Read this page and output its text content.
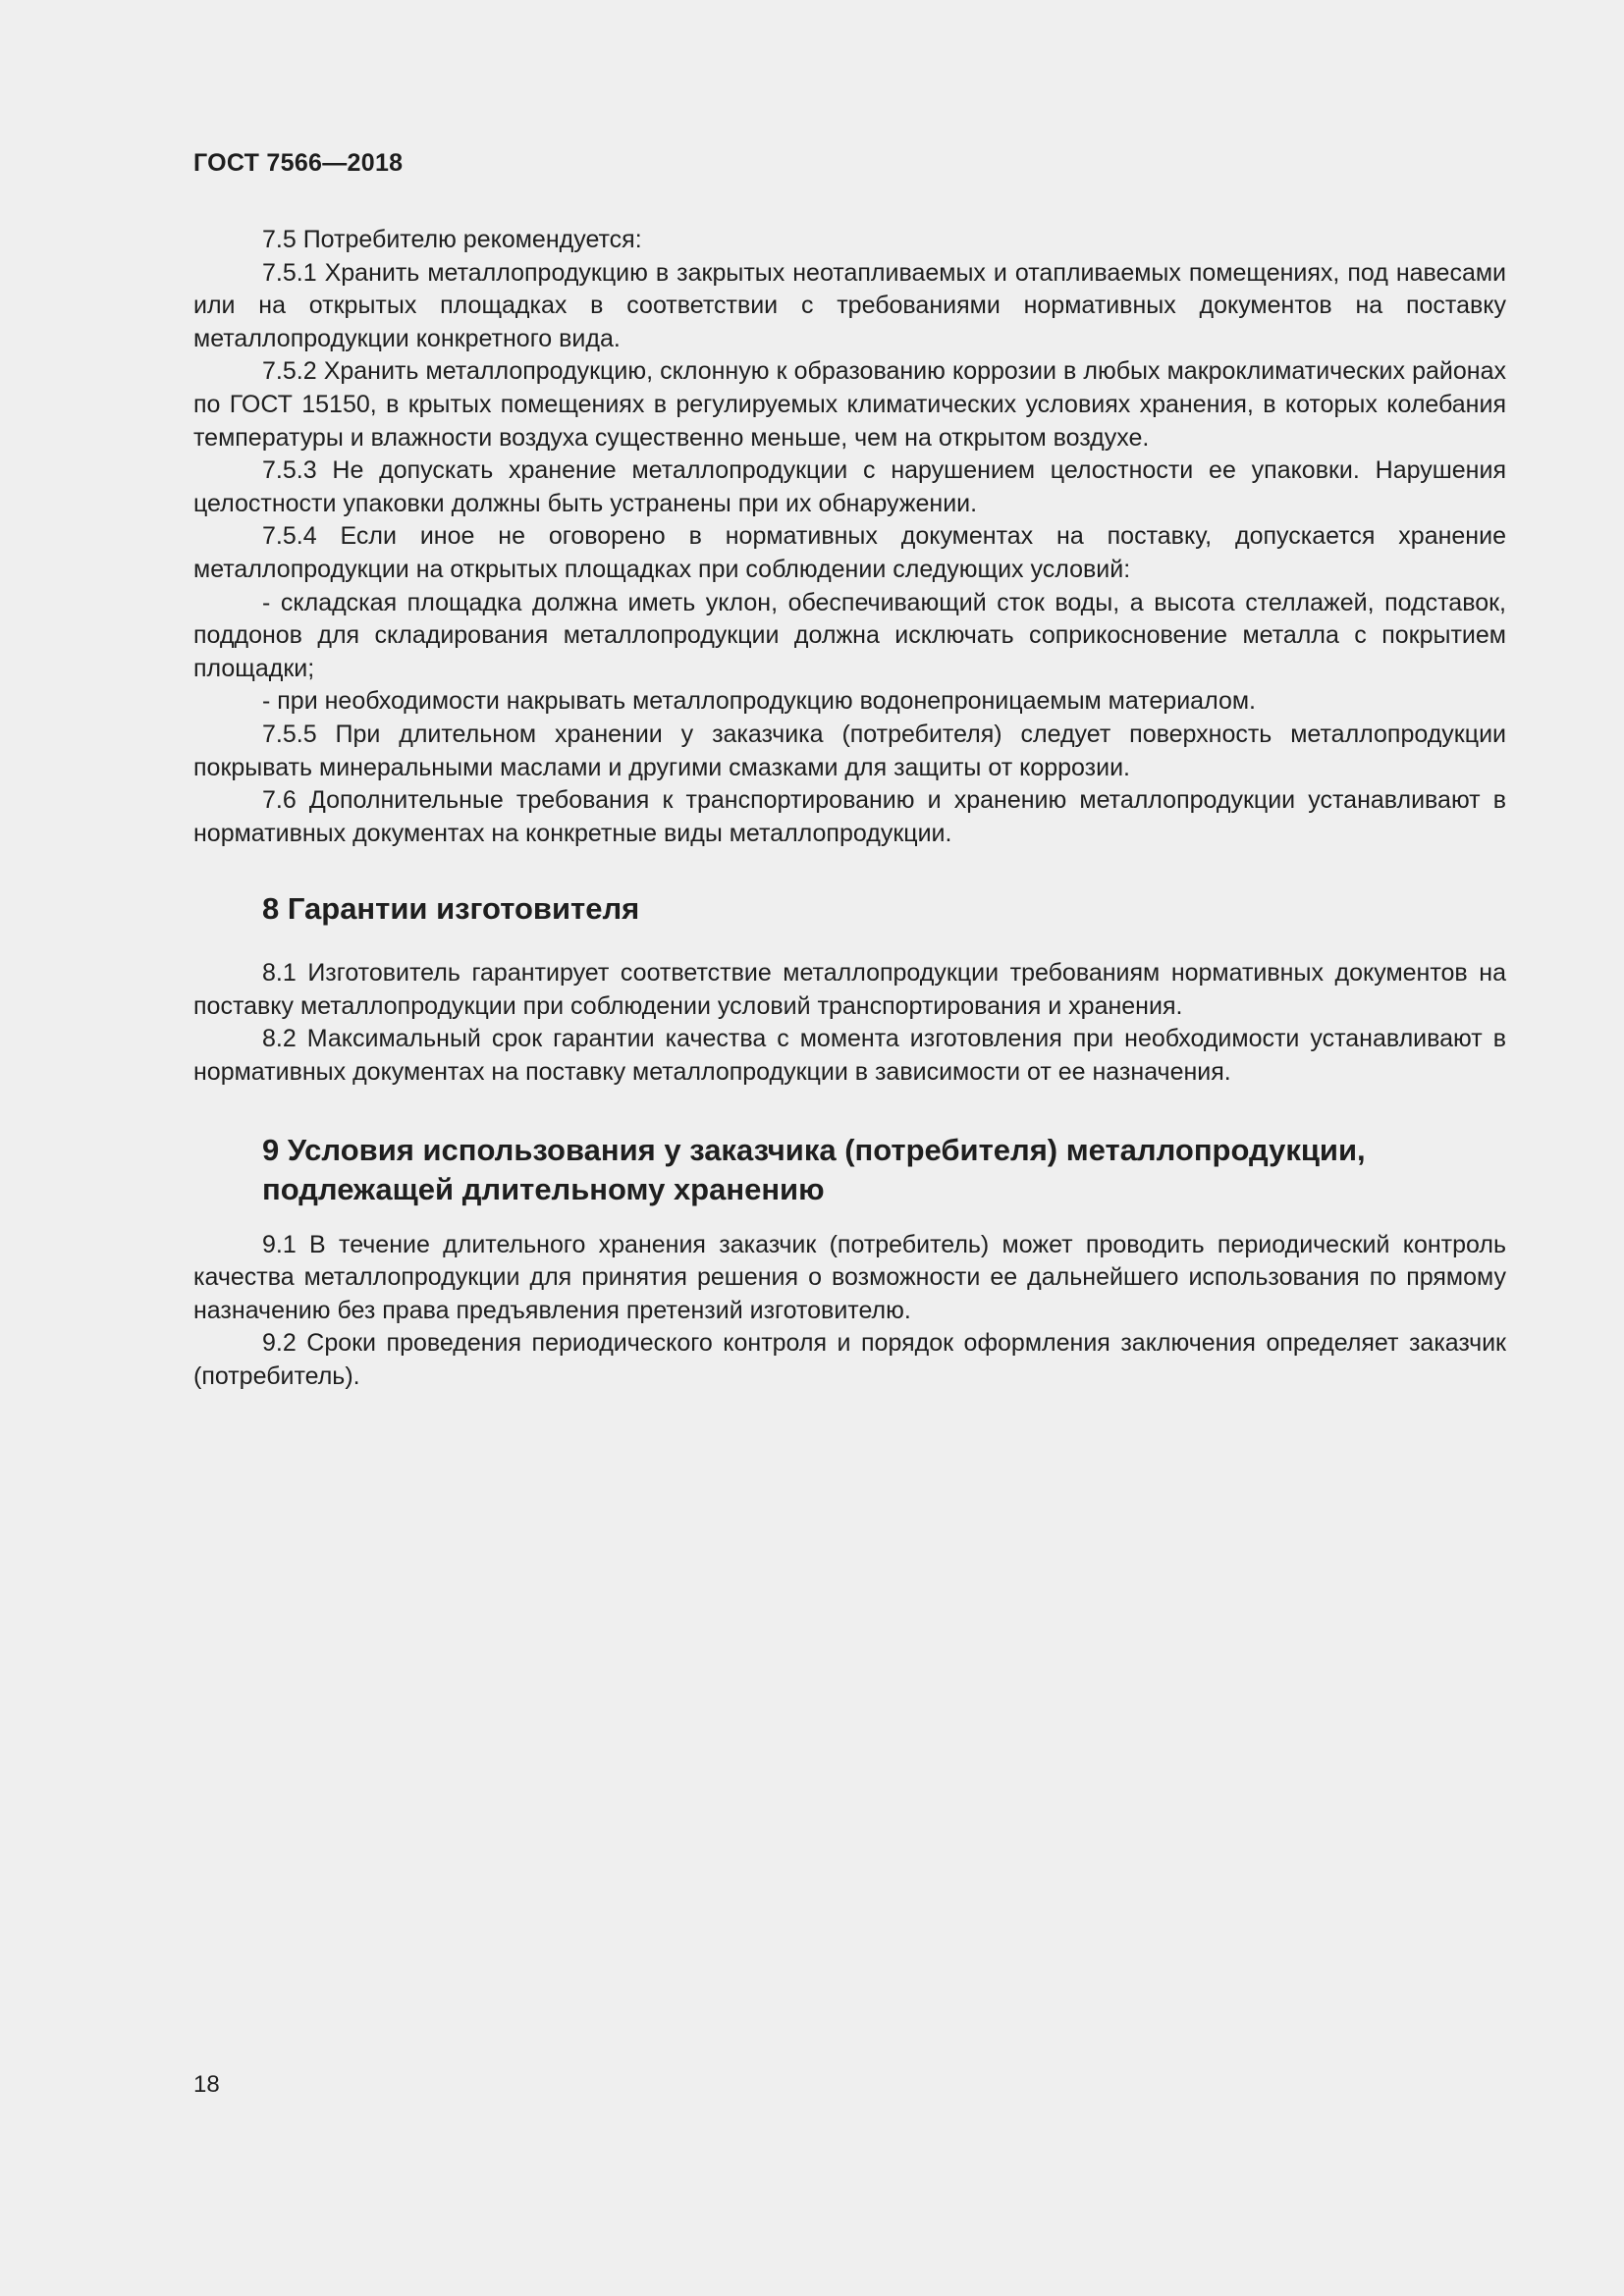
ГОСТ 7566—2018

7.5 Потребителю рекомендуется:

7.5.1 Хранить металлопродукцию в закрытых неотапливаемых и отапливаемых помещениях, под навесами или на открытых площадках в соответствии с требованиями нормативных документов на поставку металлопродукции конкретного вида.

7.5.2 Хранить металлопродукцию, склонную к образованию коррозии в любых макроклиматических районах по ГОСТ 15150, в крытых помещениях в регулируемых климатических условиях хранения, в которых колебания температуры и влажности воздуха существенно меньше, чем на открытом воздухе.

7.5.3 Не допускать хранение металлопродукции с нарушением целостности ее упаковки. Нарушения целостности упаковки должны быть устранены при их обнаружении.

7.5.4 Если иное не оговорено в нормативных документах на поставку, допускается хранение металлопродукции на открытых площадках при соблюдении следующих условий:

- складская площадка должна иметь уклон, обеспечивающий сток воды, а высота стеллажей, подставок, поддонов для складирования металлопродукции должна исключать соприкосновение металла с покрытием площадки;

- при необходимости накрывать металлопродукцию водонепроницаемым материалом.

7.5.5 При длительном хранении у заказчика (потребителя) следует поверхность металлопродукции покрывать минеральными маслами и другими смазками для защиты от коррозии.

7.6 Дополнительные требования к транспортированию и хранению металлопродукции устанавливают в нормативных документах на конкретные виды металлопродукции.

8 Гарантии изготовителя

8.1 Изготовитель гарантирует соответствие металлопродукции требованиям нормативных документов на поставку металлопродукции при соблюдении условий транспортирования и хранения.

8.2 Максимальный срок гарантии качества с момента изготовления при необходимости устанавливают в нормативных документах на поставку металлопродукции в зависимости от ее назначения.

9 Условия использования у заказчика (потребителя) металлопродукции,
подлежащей длительному хранению

9.1 В течение длительного хранения заказчик (потребитель) может проводить периодический контроль качества металлопродукции для принятия решения о возможности ее дальнейшего использования по прямому назначению без права предъявления претензий изготовителю.

9.2 Сроки проведения периодического контроля и порядок оформления заключения определяет заказчик (потребитель).

18
